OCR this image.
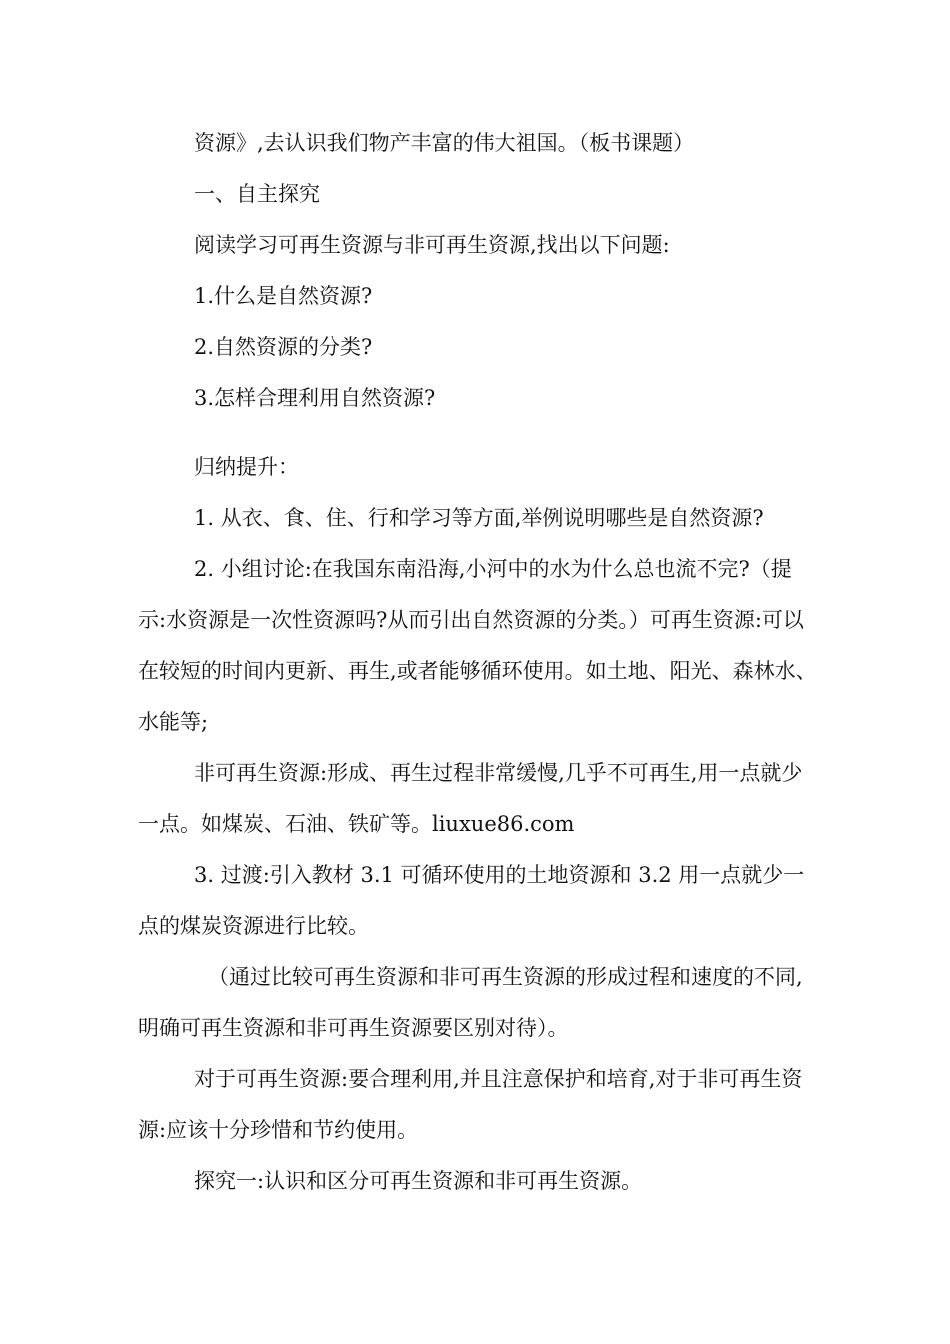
资源》,去认识我们物产丰富的伟大祖国。（板书课题）

一、自主探究

阅读学习可再生资源与非可再生资源,找出以下问题:

1.什么是自然资源?

2.自然资源的分类?

3.怎样合理利用自然资源?

归纳提升：

1. 从衣、食、住、行和学习等方面,举例说明哪些是自然资源?

2. 小组讨论:在我国东南沿海,小河中的水为什么总也流不完?（提示:水资源是一次性资源吗?从而引出自然资源的分类。）可再生资源:可以在较短的时间内更新、再生,或者能够循环使用。如土地、阳光、森林水、水能等;

非可再生资源:形成、再生过程非常缓慢,几乎不可再生,用一点就少一点。如煤炭、石油、铁矿等。liuxue86.com

3. 过渡:引入教材 3.1 可循环使用的土地资源和 3.2 用一点就少一点的煤炭资源进行比较。

（通过比较可再生资源和非可再生资源的形成过程和速度的不同,明确可再生资源和非可再生资源要区别对待）。

对于可再生资源:要合理利用,并且注意保护和培育,对于非可再生资源:应该十分珍惜和节约使用。

探究一:认识和区分可再生资源和非可再生资源。
